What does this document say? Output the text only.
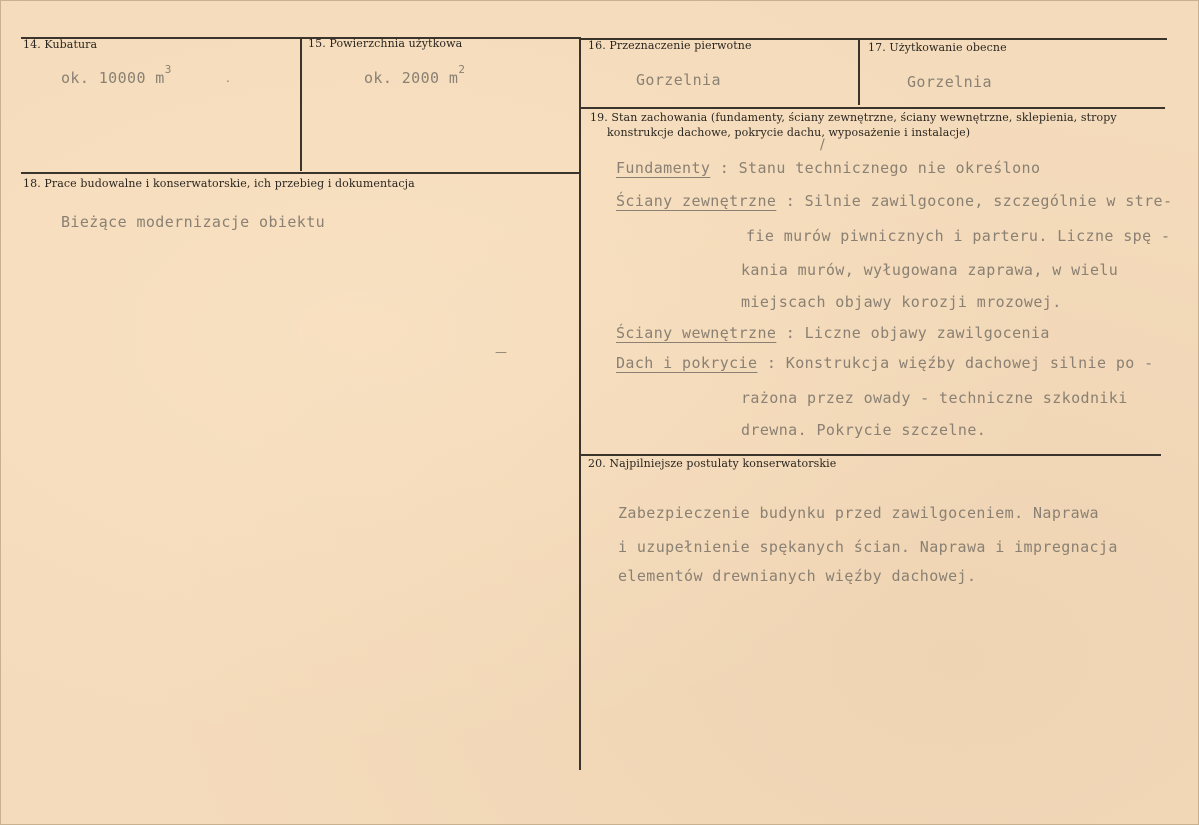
14. Kubatura
ok. 10000 $m^3$
15. Powierzchnia użytkowa
ok. 2000 $m^2$
16. Przeznaczenie pierwotne
Gorzelnia
17. Użytkowanie obecne
Gorzelnia
18. Prace budowalne i konserwatorskie, ich przebieg i dokumentacja
Bieżące modernizacje obiektu
19. Stan zachowania (fundamenty, ściany zewnętrzne, ściany wewnętrzne, sklepienia, stropy
konstrukcje dachowe, pokrycie dachu, wyposażenie i instalacje)
Fundamenty : Stanu technicznego nie określono
Ściany zewnętrzne : Silnie zawilgocone, szczególnie w stre-
fie murów piwnicznych i parteru. Liczne spę -
kania murów, wyługowana zaprawa, w wielu
miejscach objawy korozji mrozowej.
Ściany wewnętrzne : Liczne objawy zawilgocenia
Dach i pokrycie : Konstrukcja więźby dachowej silnie po -
rażona przez owady - techniczne szkodniki
drewna. Pokrycie szczelne.
20. Najpilniejsze postulaty konserwatorskie
Zabezpieczenie budynku przed zawilgoceniem. Naprawa
i uzupełnienie spękanych ścian. Naprawa i impregnacja
elementów drewnianych więźby dachowej.
/
—
.
